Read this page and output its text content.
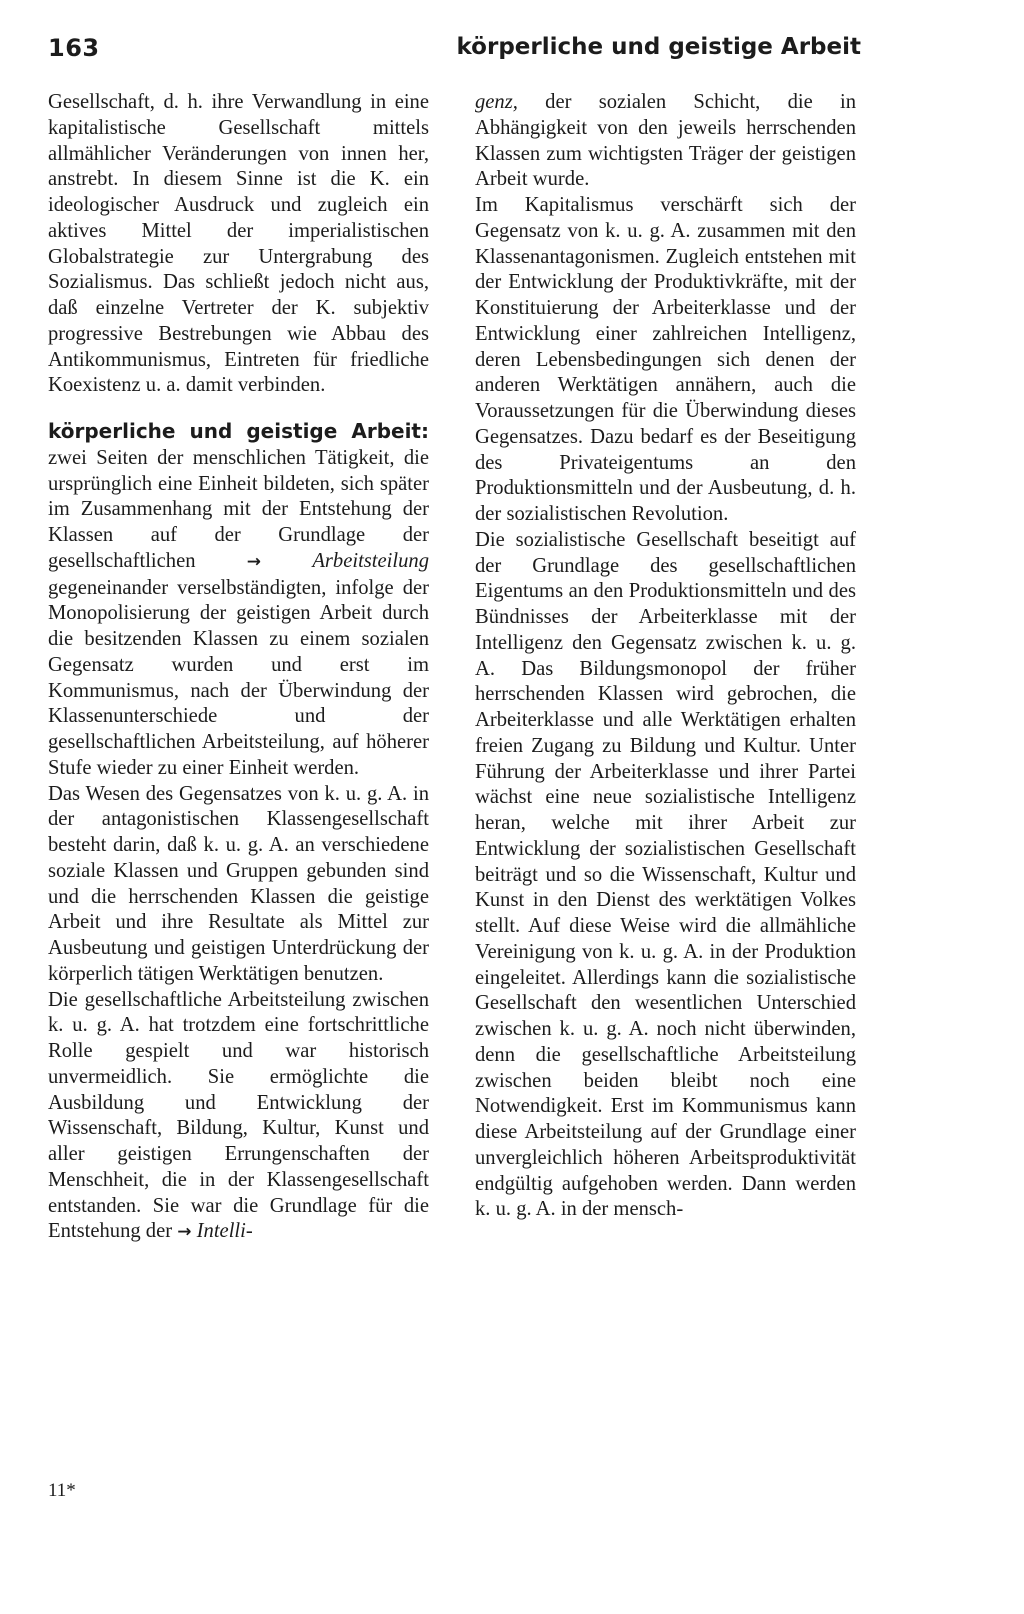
163	körperliche und geistige Arbeit

Gesellschaft, d. h. ihre Verwandlung in eine kapitalistische Gesellschaft mittels allmählicher Veränderungen von innen her, anstrebt. In diesem Sinne ist die K. ein ideologischer Ausdruck und zugleich ein aktives Mittel der imperialistischen Globalstrategie zur Untergrabung des Sozialismus. Das schließt jedoch nicht aus, daß einzelne Vertreter der K. subjektiv progressive Bestrebungen wie Abbau des Antikommunismus, Eintreten für friedliche Koexistenz u. a. damit verbinden.

körperliche und geistige Arbeit: zwei Seiten der menschlichen Tätigkeit, die ursprünglich eine Einheit bildeten, sich später im Zusammenhang mit der Entstehung der Klassen auf der Grundlage der gesellschaftlichen → Arbeitsteilung gegeneinander verselbständigten, infolge der Monopolisierung der geistigen Arbeit durch die besitzenden Klassen zu einem sozialen Gegensatz wurden und erst im Kommunismus, nach der Überwindung der Klassenunterschiede und der gesellschaftlichen Arbeitsteilung, auf höherer Stufe wieder zu einer Einheit werden.

Das Wesen des Gegensatzes von k. u. g. A. in der antagonistischen Klassengesellschaft besteht darin, daß k. u. g. A. an verschiedene soziale Klassen und Gruppen gebunden sind und die herrschenden Klassen die geistige Arbeit und ihre Resultate als Mittel zur Ausbeutung und geistigen Unterdrückung der körperlich tätigen Werktätigen benutzen.

Die gesellschaftliche Arbeitsteilung zwischen k. u. g. A. hat trotzdem eine fortschrittliche Rolle gespielt und war historisch unvermeidlich. Sie ermöglichte die Ausbildung und Entwicklung der Wissenschaft, Bildung, Kultur, Kunst und aller geistigen Errungenschaften der Menschheit, die in der Klassengesellschaft entstanden. Sie war die Grundlage für die Entstehung der → Intelli-

genz, der sozialen Schicht, die in Abhängigkeit von den jeweils herrschenden Klassen zum wichtigsten Träger der geistigen Arbeit wurde.

Im Kapitalismus verschärft sich der Gegensatz von k. u. g. A. zusammen mit den Klassenantagonismen. Zugleich entstehen mit der Entwicklung der Produktivkräfte, mit der Konstituierung der Arbeiterklasse und der Entwicklung einer zahlreichen Intelligenz, deren Lebensbedingungen sich denen der anderen Werktätigen annähern, auch die Voraussetzungen für die Überwindung dieses Gegensatzes. Dazu bedarf es der Beseitigung des Privateigentums an den Produktionsmitteln und der Ausbeutung, d. h. der sozialistischen Revolution.

Die sozialistische Gesellschaft beseitigt auf der Grundlage des gesellschaftlichen Eigentums an den Produktionsmitteln und des Bündnisses der Arbeiterklasse mit der Intelligenz den Gegensatz zwischen k. u. g. A. Das Bildungsmonopol der früher herrschenden Klassen wird gebrochen, die Arbeiterklasse und alle Werktätigen erhalten freien Zugang zu Bildung und Kultur. Unter Führung der Arbeiterklasse und ihrer Partei wächst eine neue sozialistische Intelligenz heran, welche mit ihrer Arbeit zur Entwicklung der sozialistischen Gesellschaft beiträgt und so die Wissenschaft, Kultur und Kunst in den Dienst des werktätigen Volkes stellt. Auf diese Weise wird die allmähliche Vereinigung von k. u. g. A. in der Produktion eingeleitet. Allerdings kann die sozialistische Gesellschaft den wesentlichen Unterschied zwischen k. u. g. A. noch nicht überwinden, denn die gesellschaftliche Arbeitsteilung zwischen beiden bleibt noch eine Notwendigkeit. Erst im Kommunismus kann diese Arbeitsteilung auf der Grundlage einer unvergleichlich höheren Arbeitsproduktivität endgültig aufgehoben werden. Dann werden k. u. g. A. in der mensch-

11*
